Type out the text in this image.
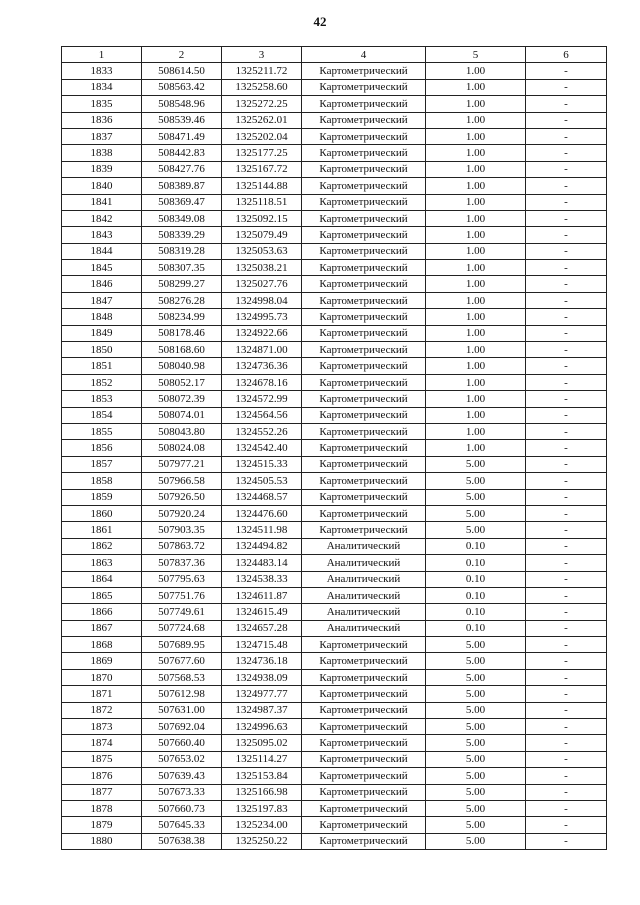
42
1	2	3	4	5	6
1833	508614.50	1325211.72	Картометрический	1.00	-
1834	508563.42	1325258.60	Картометрический	1.00	-
1835	508548.96	1325272.25	Картометрический	1.00	-
1836	508539.46	1325262.01	Картометрический	1.00	-
1837	508471.49	1325202.04	Картометрический	1.00	-
1838	508442.83	1325177.25	Картометрический	1.00	-
1839	508427.76	1325167.72	Картометрический	1.00	-
1840	508389.87	1325144.88	Картометрический	1.00	-
1841	508369.47	1325118.51	Картометрический	1.00	-
1842	508349.08	1325092.15	Картометрический	1.00	-
1843	508339.29	1325079.49	Картометрический	1.00	-
1844	508319.28	1325053.63	Картометрический	1.00	-
1845	508307.35	1325038.21	Картометрический	1.00	-
1846	508299.27	1325027.76	Картометрический	1.00	-
1847	508276.28	1324998.04	Картометрический	1.00	-
1848	508234.99	1324995.73	Картометрический	1.00	-
1849	508178.46	1324922.66	Картометрический	1.00	-
1850	508168.60	1324871.00	Картометрический	1.00	-
1851	508040.98	1324736.36	Картометрический	1.00	-
1852	508052.17	1324678.16	Картометрический	1.00	-
1853	508072.39	1324572.99	Картометрический	1.00	-
1854	508074.01	1324564.56	Картометрический	1.00	-
1855	508043.80	1324552.26	Картометрический	1.00	-
1856	508024.08	1324542.40	Картометрический	1.00	-
1857	507977.21	1324515.33	Картометрический	5.00	-
1858	507966.58	1324505.53	Картометрический	5.00	-
1859	507926.50	1324468.57	Картометрический	5.00	-
1860	507920.24	1324476.60	Картометрический	5.00	-
1861	507903.35	1324511.98	Картометрический	5.00	-
1862	507863.72	1324494.82	Аналитический	0.10	-
1863	507837.36	1324483.14	Аналитический	0.10	-
1864	507795.63	1324538.33	Аналитический	0.10	-
1865	507751.76	1324611.87	Аналитический	0.10	-
1866	507749.61	1324615.49	Аналитический	0.10	-
1867	507724.68	1324657.28	Аналитический	0.10	-
1868	507689.95	1324715.48	Картометрический	5.00	-
1869	507677.60	1324736.18	Картометрический	5.00	-
1870	507568.53	1324938.09	Картометрический	5.00	-
1871	507612.98	1324977.77	Картометрический	5.00	-
1872	507631.00	1324987.37	Картометрический	5.00	-
1873	507692.04	1324996.63	Картометрический	5.00	-
1874	507660.40	1325095.02	Картометрический	5.00	-
1875	507653.02	1325114.27	Картометрический	5.00	-
1876	507639.43	1325153.84	Картометрический	5.00	-
1877	507673.33	1325166.98	Картометрический	5.00	-
1878	507660.73	1325197.83	Картометрический	5.00	-
1879	507645.33	1325234.00	Картометрический	5.00	-
1880	507638.38	1325250.22	Картометрический	5.00	-
